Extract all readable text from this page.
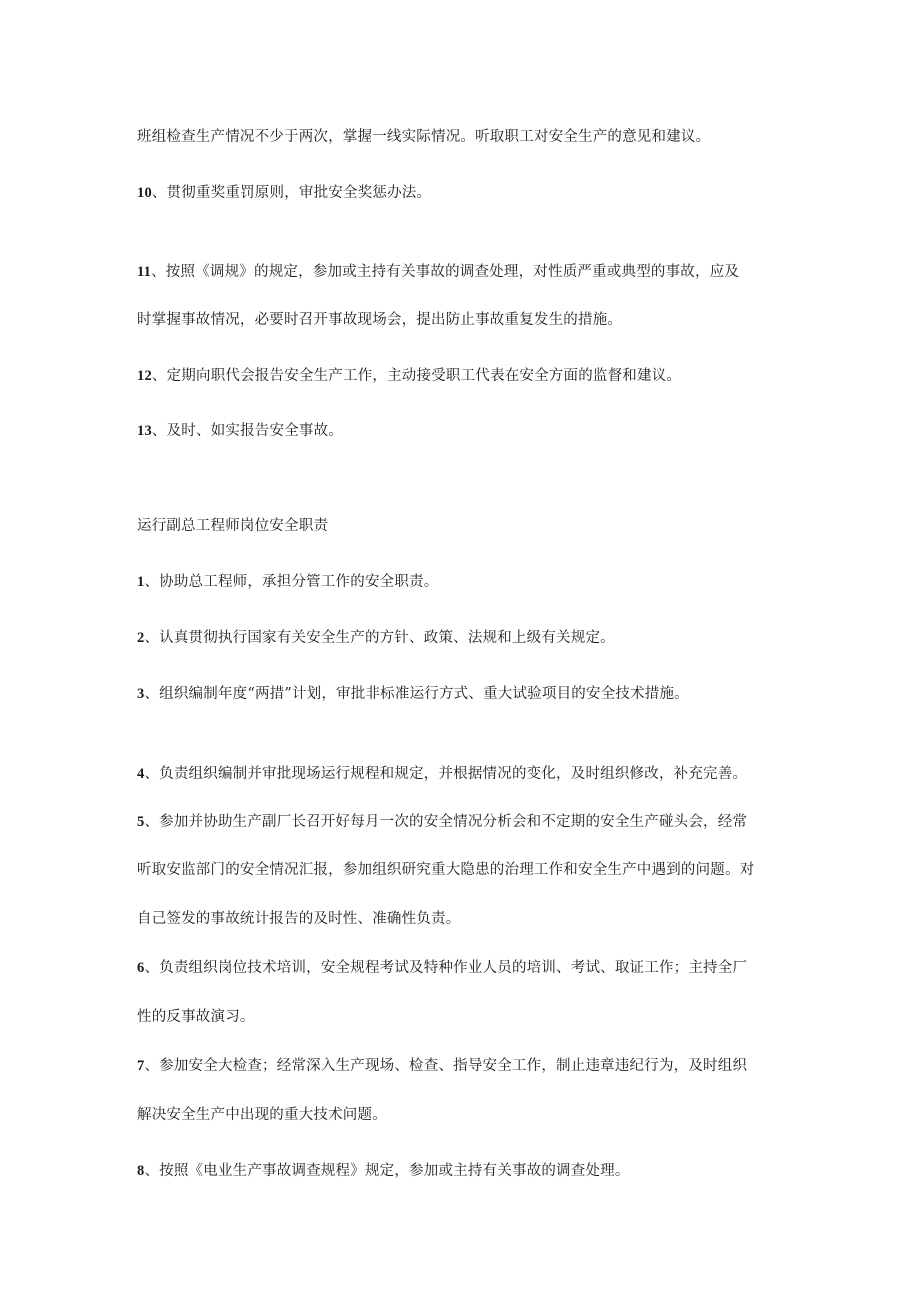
班组检查生产情况不少于两次，掌握一线实际情况。听取职工对安全生产的意见和建议。
10、贯彻重奖重罚原则，审批安全奖惩办法。
11、按照《调规》的规定，参加或主持有关事故的调查处理，对性质严重或典型的事故，应及
时掌握事故情况，必要时召开事故现场会，提出防止事故重复发生的措施。
12、定期向职代会报告安全生产工作，主动接受职工代表在安全方面的监督和建议。
13、及时、如实报告安全事故。
运行副总工程师岗位安全职责
1、协助总工程师，承担分管工作的安全职责。
2、认真贯彻执行国家有关安全生产的方针、政策、法规和上级有关规定。
3、组织编制年度“两措”计划，审批非标准运行方式、重大试验项目的安全技术措施。
4、负责组织编制并审批现场运行规程和规定，并根据情况的变化，及时组织修改，补充完善。
5、参加并协助生产副厂长召开好每月一次的安全情况分析会和不定期的安全生产碰头会，经常
听取安监部门的安全情况汇报，参加组织研究重大隐患的治理工作和安全生产中遇到的问题。对
自己签发的事故统计报告的及时性、准确性负责。
6、负责组织岗位技术培训，安全规程考试及特种作业人员的培训、考试、取证工作；主持全厂
性的反事故演习。
7、参加安全大检查；经常深入生产现场、检查、指导安全工作，制止违章违纪行为，及时组织
解决安全生产中出现的重大技术问题。
8、按照《电业生产事故调查规程》规定，参加或主持有关事故的调查处理。
